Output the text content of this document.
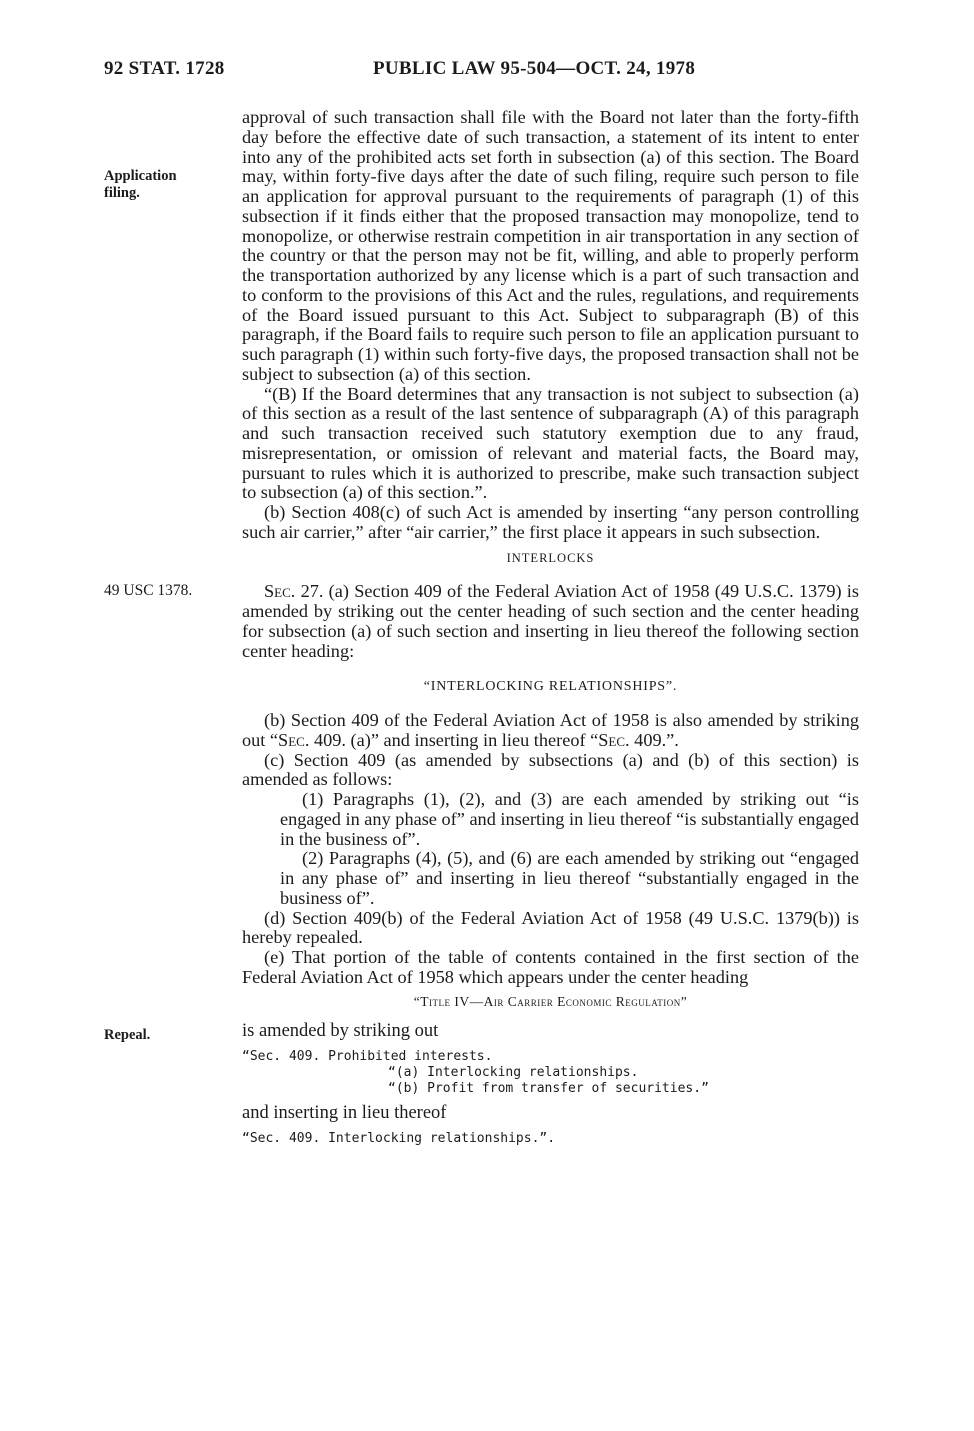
92 STAT. 1728	PUBLIC LAW 95-504—OCT. 24, 1978
Application
filing.
49 USC 1378.
Repeal.

approval of such transaction shall file with the Board not later than the forty-fifth day before the effective date of such transaction, a statement of its intent to enter into any of the prohibited acts set forth in subsection (a) of this section. The Board may, within forty-five days after the date of such filing, require such person to file an application for approval pursuant to the requirements of paragraph (1) of this subsection if it finds either that the proposed transaction may monopolize, tend to monopolize, or otherwise restrain competition in air transportation in any section of the country or that the person may not be fit, willing, and able to properly perform the transportation authorized by any license which is a part of such transaction and to conform to the provisions of this Act and the rules, regulations, and requirements of the Board issued pursuant to this Act. Subject to subparagraph (B) of this paragraph, if the Board fails to require such person to file an application pursuant to such paragraph (1) within such forty-five days, the proposed transaction shall not be subject to subsection (a) of this section.

“(B) If the Board determines that any transaction is not subject to subsection (a) of this section as a result of the last sentence of subparagraph (A) of this paragraph and such transaction received such statutory exemption due to any fraud, misrepresentation, or omission of relevant and material facts, the Board may, pursuant to rules which it is authorized to prescribe, make such transaction subject to subsection (a) of this section.”.

(b) Section 408(c) of such Act is amended by inserting “any person controlling such air carrier,” after “air carrier,” the first place it appears in such subsection.

INTERLOCKS

Sec. 27. (a) Section 409 of the Federal Aviation Act of 1958 (49 U.S.C. 1379) is amended by striking out the center heading of such section and the center heading for subsection (a) of such section and inserting in lieu thereof the following section center heading:

“INTERLOCKING RELATIONSHIPS”.

(b) Section 409 of the Federal Aviation Act of 1958 is also amended by striking out “Sec. 409. (a)” and inserting in lieu thereof “Sec. 409.”.

(c) Section 409 (as amended by subsections (a) and (b) of this section) is amended as follows:

(1) Paragraphs (1), (2), and (3) are each amended by striking out “is engaged in any phase of” and inserting in lieu thereof “is substantially engaged in the business of”.

(2) Paragraphs (4), (5), and (6) are each amended by striking out “engaged in any phase of” and inserting in lieu thereof “substantially engaged in the business of”.

(d) Section 409(b) of the Federal Aviation Act of 1958 (49 U.S.C. 1379(b)) is hereby repealed.

(e) That portion of the table of contents contained in the first section of the Federal Aviation Act of 1958 which appears under the center heading

“Title IV—Air Carrier Economic Regulation”

is amended by striking out

“Sec. 409. Prohibited interests.
“(a) Interlocking relationships.
“(b) Profit from transfer of securities.”

and inserting in lieu thereof

“Sec. 409. Interlocking relationships.”.
